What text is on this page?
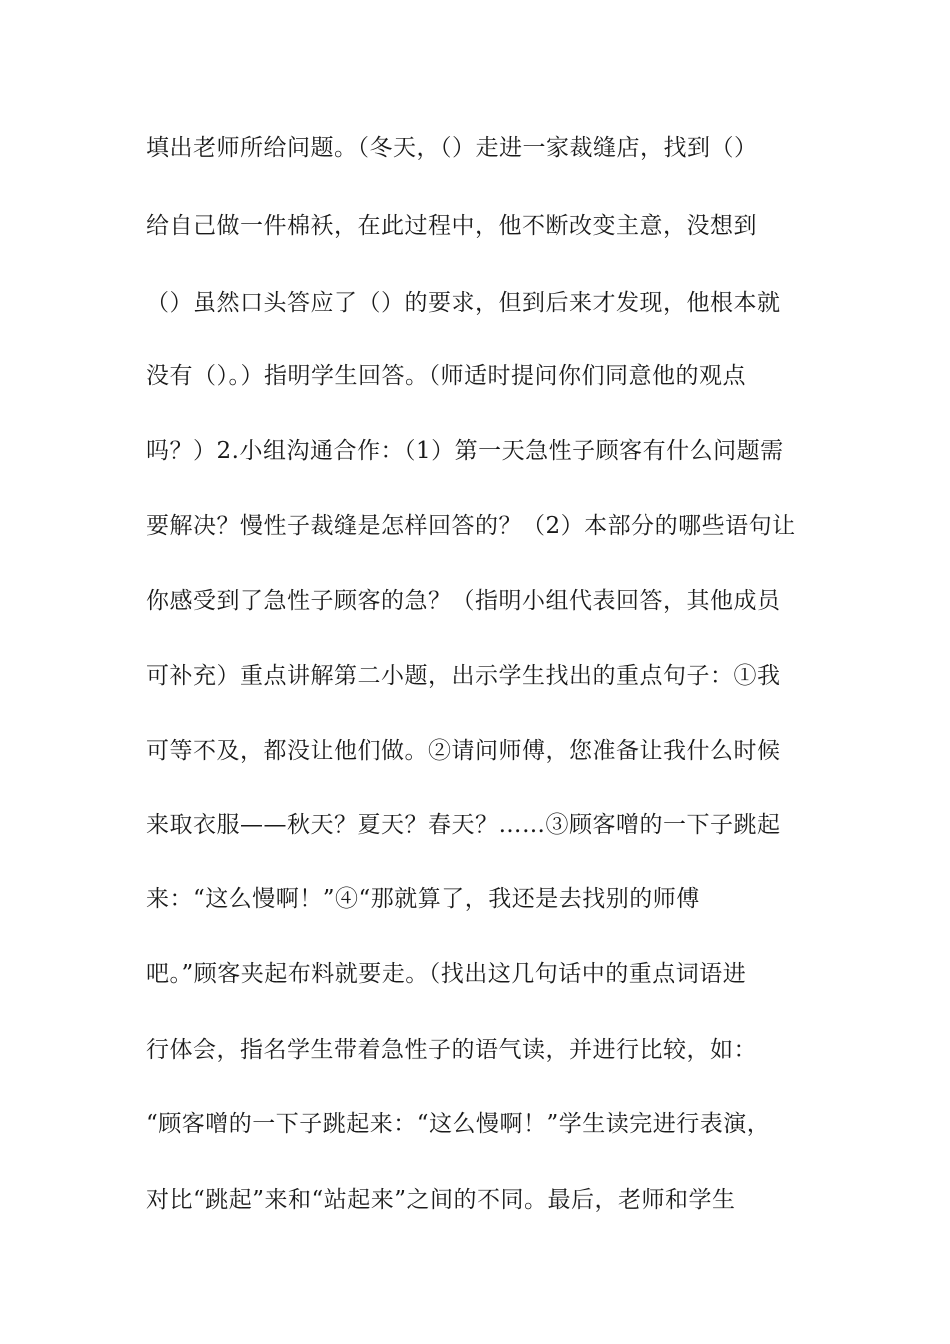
填出老师所给问题。（冬天，（）走进一家裁缝店，找到（）
给自己做一件棉袄，在此过程中，他不断改变主意，没想到
（）虽然口头答应了（）的要求，但到后来才发现，他根本就
没有（）。）指明学生回答。（师适时提问你们同意他的观点
吗？）2.小组沟通合作：（1）第一天急性子顾客有什么问题需
要解决？慢性子裁缝是怎样回答的？（2）本部分的哪些语句让
你感受到了急性子顾客的急？（指明小组代表回答，其他成员
可补充）重点讲解第二小题，出示学生找出的重点句子：①我
可等不及，都没让他们做。②请问师傅，您准备让我什么时候
来取衣服——秋天？夏天？春天？……③顾客噌的一下子跳起
来：“这么慢啊！”④“那就算了，我还是去找别的师傅
吧。”顾客夹起布料就要走。（找出这几句话中的重点词语进
行体会，指名学生带着急性子的语气读，并进行比较，如：
“顾客噌的一下子跳起来：“这么慢啊！”学生读完进行表演，
对比“跳起”来和“站起来”之间的不同。最后，老师和学生
